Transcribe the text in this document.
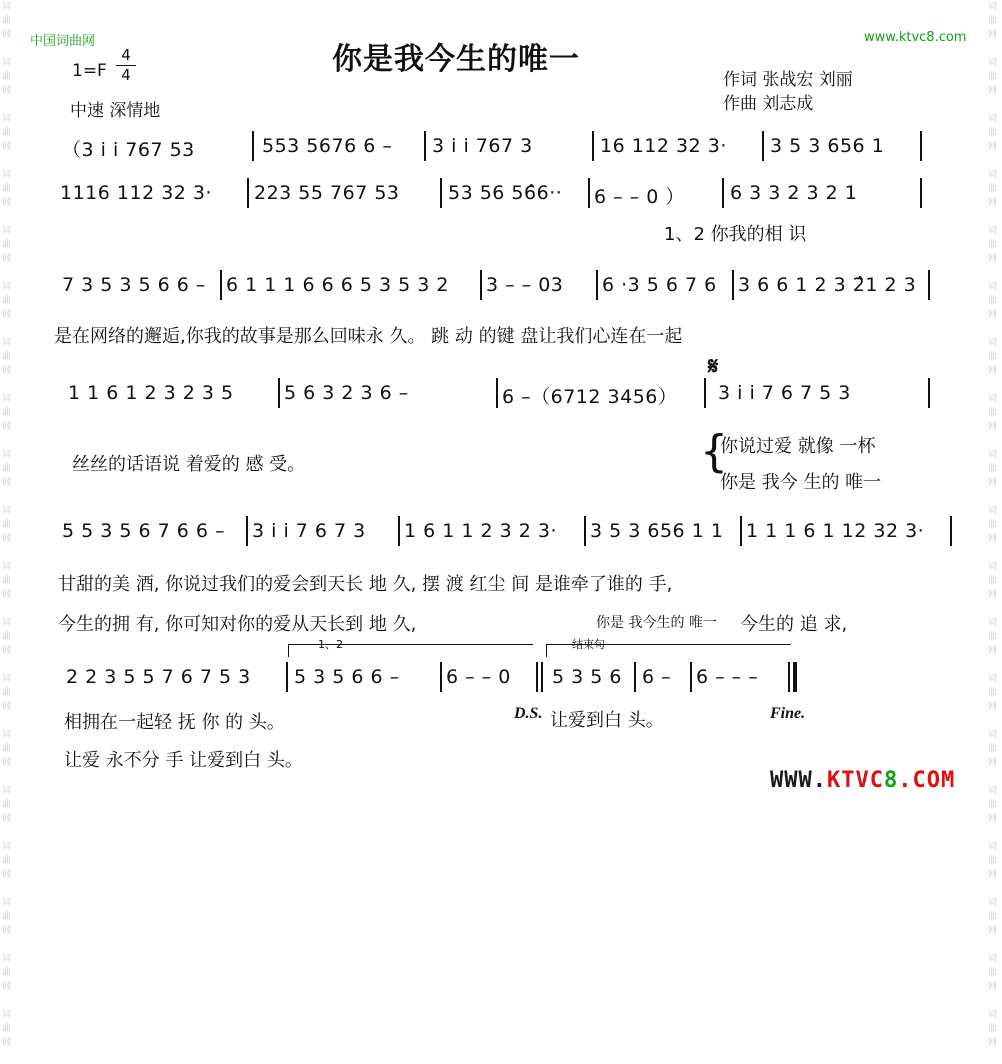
词
曲
网

词
曲
网

词
曲
网

词
曲
网

词
曲
网

词
曲
网

词
曲
网

词
曲
网

词
曲
网

词
曲
网

词
曲
网

词
曲
网

词
曲
网

词
曲
网

词
曲
网

词
曲
网

词
曲
网

词
曲
网

词
曲
网

词
曲
网

词
曲
网

词
曲
网

词
曲
网

词
曲
网

词
曲
网

词
曲
网

词
曲
网

词
曲
网

词
曲
网

词
曲
网

词
曲
网

词
曲
网

词
曲
网

词
曲
网

词
曲
网

词
曲
网

词
曲
网

词
曲
网

中国词曲网	www.ktvc8.com
你是我今生的唯一
1=F
4
4
中速 深情地
作词 张战宏 刘丽
作曲 刘志成
（3 i i 767 53	553 5676 6 – 3 i i 767 3	16 112 32 3· 3 5 3 656 1
1116 112 32 3· 223 55 767 53	53 56 56̂6·· 6 – – 0 ） 6 3 3 2 3 2 1
1、2 你我的相 识
7 3 5 3 5 6 6 – 6 1 1 1 6 6 6 5 3 5 3 2 3 – – 03 6 ·3 5 6 7 6 3 6 6 1 2 3 2̂1 2 3
是在网络的邂逅,你我的故事是那么回味永 久。 跳 动 的键 盘让我们心连在一起
1 1 6 1 2 3 2 3 5	5 6 3 2 3 6 –	6 –（6712 3456）
𝄋
3 i i 7 6 7 5 3
丝丝的话语说 着爱的 感 受。	{
你说过爱 就像 一杯
你是 我今 生的 唯一
5 5 3 5 6 7 6 6 – 3 i i 7 6 7 3 1 6 1 1 2 3 2 3· 3 5 3 656 1 1 1 1 1 6 1 12 32 3·
甘甜的美 酒, 你说过我们的爱会到天长 地 久, 摆 渡 红尘 间 是谁牵了谁的 手,
今生的拥 有, 你可知对你的爱从天长到 地 久,	你是 我今生的 唯一 今生的 追 求,
1、2	结束句
2 2 3 5 5 7 6 7 5 3 5 3 5 6 6 – 6 – – 0 5 3 5 6 6 – 6 – – –
相拥在一起轻 抚 你 的 头。	D.S. 让爱到白 头。	Fine.
让爱 永不分 手 让爱到白 头。
WWW.KTVC8.COM
